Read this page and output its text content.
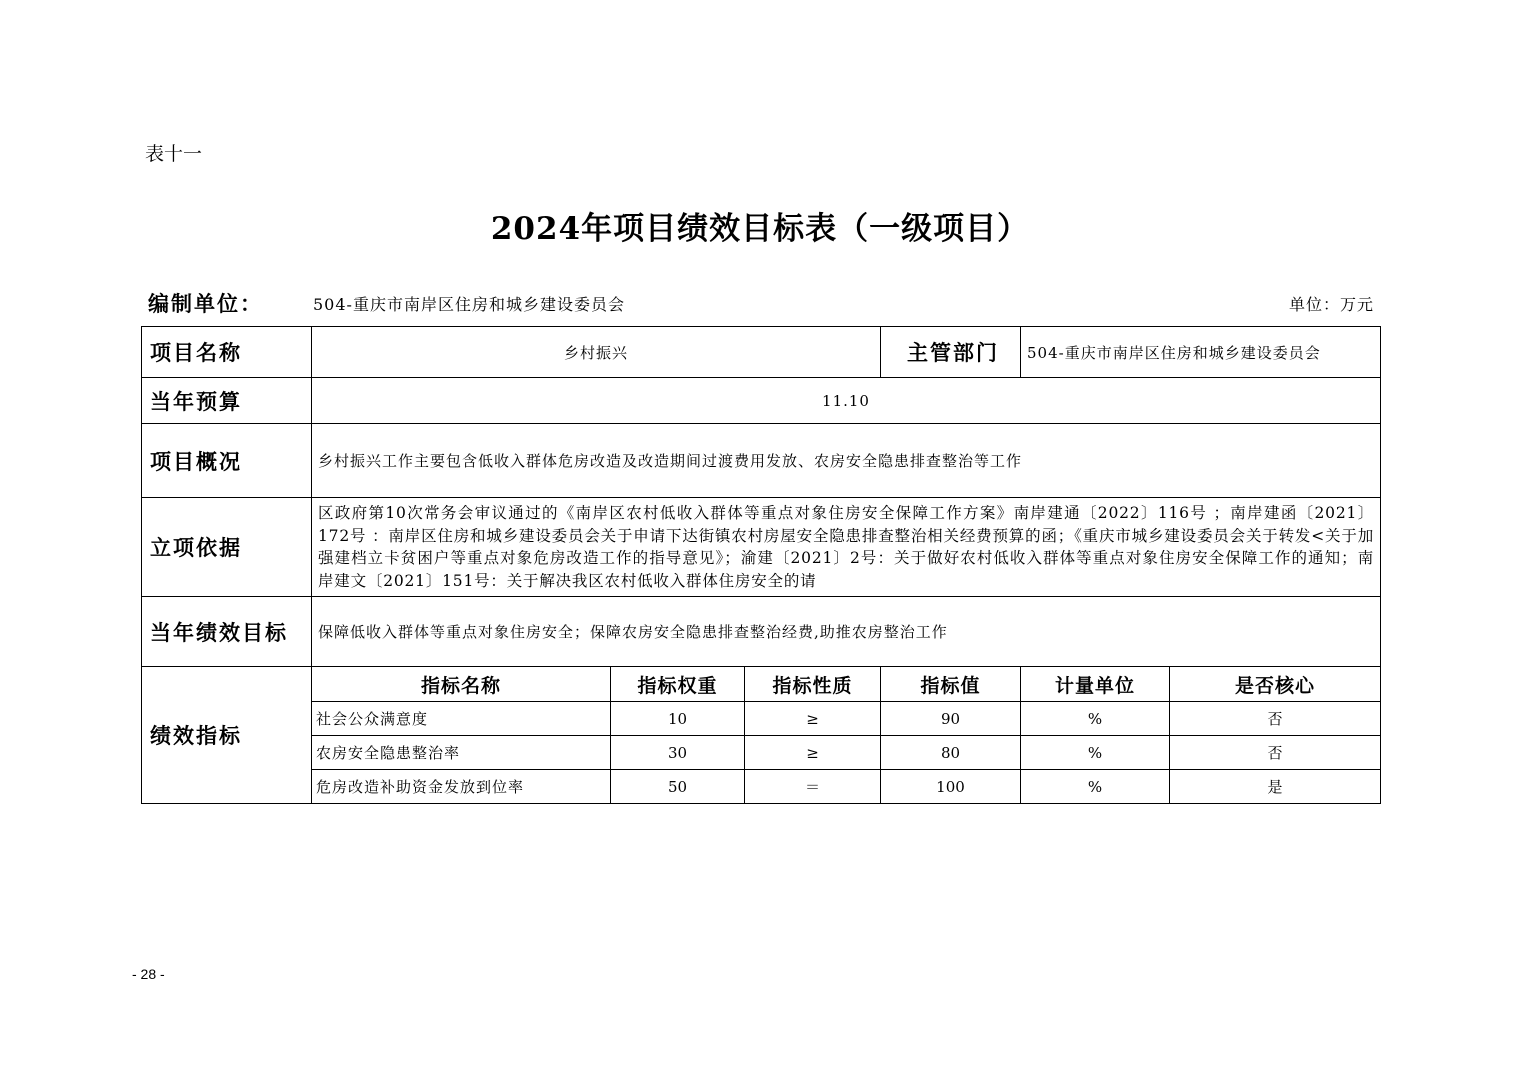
表十一
2024年项目绩效目标表（一级项目）
编制单位：	504-重庆市南岸区住房和城乡建设委员会	单位：万元
项目名称	乡村振兴			主管部门	504-重庆市南岸区住房和城乡建设委员会	
当年预算	11.10					
项目概况	乡村振兴工作主要包含低收入群体危房改造及改造期间过渡费用发放、农房安全隐患排查整治等工作					
立项依据	区政府第10次常务会审议通过的《南岸区农村低收入群体等重点对象住房安全保障工作方案》南岸建通〔2022〕116号 ；南岸建函〔2021〕172号 ：南岸区住房和城乡建设委员会关于申请下达街镇农村房屋安全隐患排查整治相关经费预算的函；《重庆市城乡建设委员会关于转发<关于加强建档立卡贫困户等重点对象危房改造工作的指导意见》；渝建〔2021〕2号：关于做好农村低收入群体等重点对象住房安全保障工作的通知；南岸建文〔2021〕151号：关于解决我区农村低收入群体住房安全的请					
当年绩效目标	保障低收入群体等重点对象住房安全；保障农房安全隐患排查整治经费,助推农房整治工作					
绩效指标	指标名称	指标权重	指标性质	指标值	计量单位	是否核心
	社会公众满意度	10	≥	90	%	否
	农房安全隐患整治率	30	≥	80	%	否
	危房改造补助资金发放到位率	50	＝	100	%	是
- 28 -
